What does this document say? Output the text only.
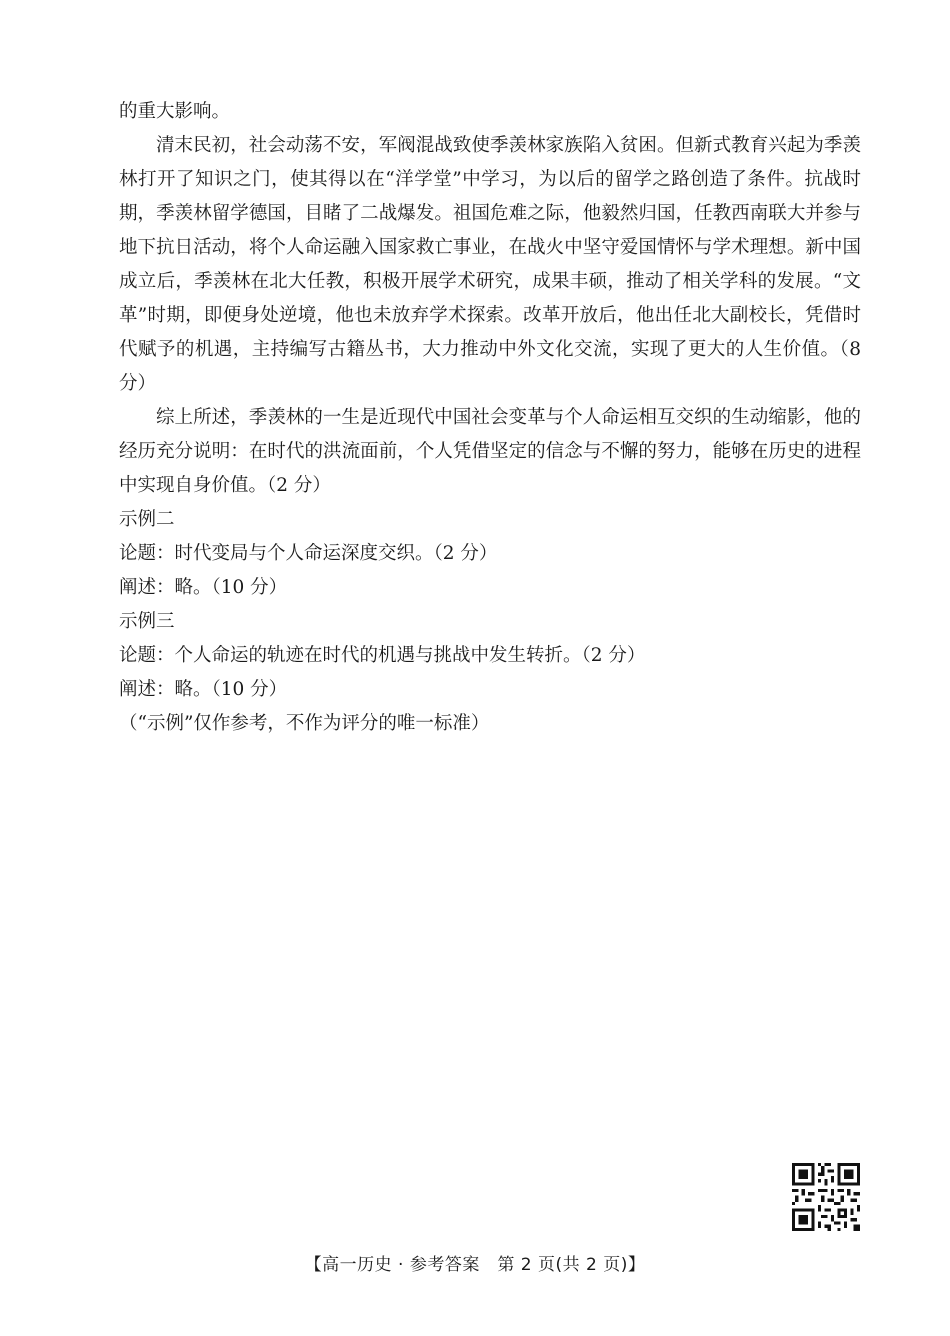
的重大影响。

清末民初，社会动荡不安，军阀混战致使季羡林家族陷入贫困。但新式教育兴起为季羡林打开了知识之门，使其得以在“洋学堂”中学习，为以后的留学之路创造了条件。抗战时期，季羡林留学德国，目睹了二战爆发。祖国危难之际，他毅然归国，任教西南联大并参与地下抗日活动，将个人命运融入国家救亡事业，在战火中坚守爱国情怀与学术理想。新中国成立后，季羡林在北大任教，积极开展学术研究，成果丰硕，推动了相关学科的发展。“文革”时期，即便身处逆境，他也未放弃学术探索。改革开放后，他出任北大副校长，凭借时代赋予的机遇，主持编写古籍丛书，大力推动中外文化交流，实现了更大的人生价值。（8 分）

综上所述，季羡林的一生是近现代中国社会变革与个人命运相互交织的生动缩影，他的经历充分说明：在时代的洪流面前，个人凭借坚定的信念与不懈的努力，能够在历史的进程中实现自身价值。（2 分）

示例二

论题：时代变局与个人命运深度交织。（2 分）

阐述：略。（10 分）

示例三

论题：个人命运的轨迹在时代的机遇与挑战中发生转折。（2 分）

阐述：略。（10 分）

（“示例”仅作参考，不作为评分的唯一标准）

【高一历史 · 参考答案　第 2 页(共 2 页)】
